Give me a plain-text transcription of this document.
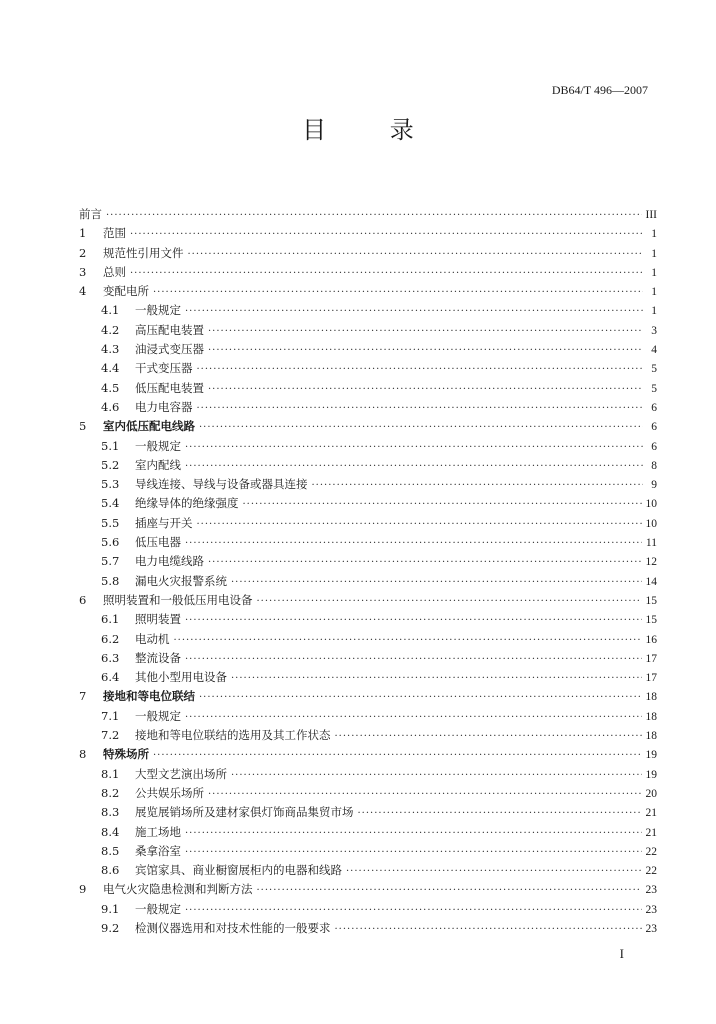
DB64/T 496—2007
目 录
前言 ·····	III
1	范围 ·····	1
2	规范性引用文件 ·····	1
3	总则 ·····	1
4	变配电所 ·····	1
4.1	一般规定 ·····	1
4.2	高压配电装置 ·····	3
4.3	油浸式变压器 ·····	4
4.4	干式变压器 ·····	5
4.5	低压配电装置 ·····	5
4.6	电力电容器 ·····	6
5	室内低压配电线路 ·····	6
5.1	一般规定 ·····	6
5.2	室内配线 ·····	8
5.3	导线连接、导线与设备或器具连接 ·····	9
5.4	绝缘导体的绝缘强度 ·····	10
5.5	插座与开关 ·····	10
5.6	低压电器 ·····	11
5.7	电力电缆线路 ·····	12
5.8	漏电火灾报警系统 ·····	14
6	照明装置和一般低压用电设备 ·····	15
6.1	照明装置 ·····	15
6.2	电动机 ·····	16
6.3	整流设备 ·····	17
6.4	其他小型用电设备 ·····	17
7	接地和等电位联结 ·····	18
7.1	一般规定 ·····	18
7.2	接地和等电位联结的选用及其工作状态 ·····	18
8	特殊场所 ·····	19
8.1	大型文艺演出场所 ·····	19
8.2	公共娱乐场所 ·····	20
8.3	展览展销场所及建材家俱灯饰商品集贸市场 ·····	21
8.4	施工场地 ·····	21
8.5	桑拿浴室 ·····	22
8.6	宾馆家具、商业橱窗展柜内的电器和线路 ·····	22
9	电气火灾隐患检测和判断方法 ·····	23
9.1	一般规定 ·····	23
9.2	检测仪器选用和对技术性能的一般要求 ·····	23
I
